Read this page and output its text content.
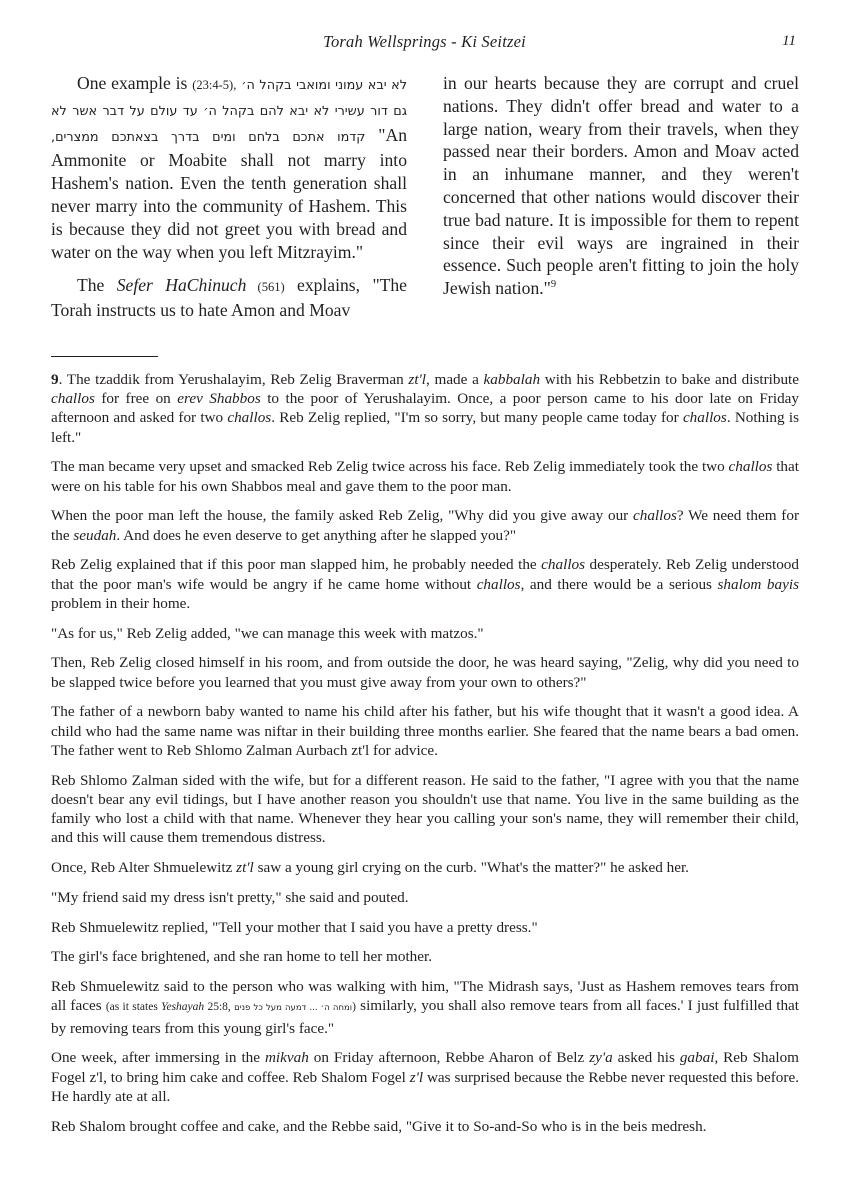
Torah Wellsprings - Ki Seitzei	11

One example is (23:4-5), לא יבא עמוני ומואבי בקהל ה׳ גם דור עשירי לא יבא להם בקהל ה׳ עד עולם על דבר אשר לא קדמו אתכם בלחם ומים בדרך בצאתכם ממצרים, "An Ammonite or Moabite shall not marry into Hashem's nation. Even the tenth generation shall never marry into the community of Hashem. This is because they did not greet you with bread and water on the way when you left Mitzrayim."

The Sefer HaChinuch (561) explains, "The Torah instructs us to hate Amon and Moav

in our hearts because they are corrupt and cruel nations. They didn't offer bread and water to a large nation, weary from their travels, when they passed near their borders. Amon and Moav acted in an inhumane manner, and they weren't concerned that other nations would discover their true bad nature. It is impossible for them to repent since their evil ways are ingrained in their essence. Such people aren't fitting to join the holy Jewish nation."$^9$

9. The tzaddik from Yerushalayim, Reb Zelig Braverman zt'l, made a kabbalah with his Rebbetzin to bake and distribute challos for free on erev Shabbos to the poor of Yerushalayim. Once, a poor person came to his door late on Friday afternoon and asked for two challos. Reb Zelig replied, "I'm so sorry, but many people came today for challos. Nothing is left."

The man became very upset and smacked Reb Zelig twice across his face. Reb Zelig immediately took the two challos that were on his table for his own Shabbos meal and gave them to the poor man.

When the poor man left the house, the family asked Reb Zelig, "Why did you give away our challos? We need them for the seudah. And does he even deserve to get anything after he slapped you?"

Reb Zelig explained that if this poor man slapped him, he probably needed the challos desperately. Reb Zelig understood that the poor man's wife would be angry if he came home without challos, and there would be a serious shalom bayis problem in their home.

"As for us," Reb Zelig added, "we can manage this week with matzos."

Then, Reb Zelig closed himself in his room, and from outside the door, he was heard saying, "Zelig, why did you need to be slapped twice before you learned that you must give away from your own to others?"

The father of a newborn baby wanted to name his child after his father, but his wife thought that it wasn't a good idea. A child who had the same name was niftar in their building three months earlier. She feared that the name bears a bad omen. The father went to Reb Shlomo Zalman Aurbach zt'l for advice.

Reb Shlomo Zalman sided with the wife, but for a different reason. He said to the father, "I agree with you that the name doesn't bear any evil tidings, but I have another reason you shouldn't use that name. You live in the same building as the family who lost a child with that name. Whenever they hear you calling your son's name, they will remember their child, and this will cause them tremendous distress.

Once, Reb Alter Shmuelewitz zt'l saw a young girl crying on the curb. "What's the matter?" he asked her.

"My friend said my dress isn't pretty," she said and pouted.

Reb Shmuelewitz replied, "Tell your mother that I said you have a pretty dress."

The girl's face brightened, and she ran home to tell her mother.

Reb Shmuelewitz said to the person who was walking with him, "The Midrash says, 'Just as Hashem removes tears from all faces (as it states Yeshayah 25:8, ומחה ה׳ ... דמעה מעל כל פנים) similarly, you shall also remove tears from all faces.' I just fulfilled that by removing tears from this young girl's face."

One week, after immersing in the mikvah on Friday afternoon, Rebbe Aharon of Belz zy'a asked his gabai, Reb Shalom Fogel z'l, to bring him cake and coffee. Reb Shalom Fogel z'l was surprised because the Rebbe never requested this before. He hardly ate at all.

Reb Shalom brought coffee and cake, and the Rebbe said, "Give it to So-and-So who is in the beis medresh.
